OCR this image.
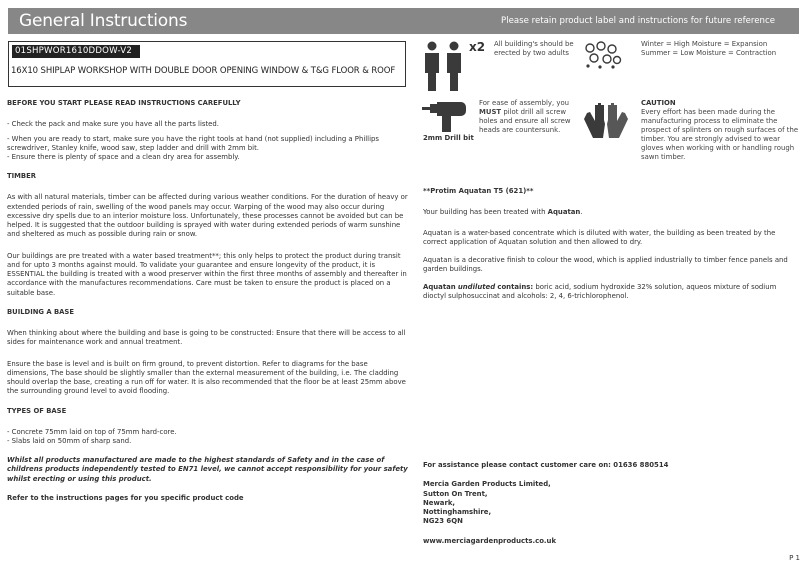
General Instructions	Please retain product label and instructions for future reference
01SHPWOR1610DDOW-V2
16X10 SHIPLAP WORKSHOP WITH DOUBLE DOOR OPENING WINDOW & T&G FLOOR & ROOF
BEFORE YOU START PLEASE READ INSTRUCTIONS CAREFULLY

- Check the pack and make sure you have all the parts listed.

- When you are ready to start, make sure you have the right tools at hand (not supplied) including a Phillips screwdriver, Stanley knife, wood saw, step ladder and drill with 2mm bit.

- Ensure there is plenty of space and a clean dry area for assembly.

TIMBER

As with all natural materials, timber can be affected during various weather conditions. For the duration of heavy or extended periods of rain, swelling of the wood panels may occur. Warping of the wood may also occur during excessive dry spells due to an interior moisture loss. Unfortunately, these processes cannot be avoided but can be helped. It is suggested that the outdoor building is sprayed with water during extended periods of warm sunshine and sheltered as much as possible during rain or snow.

Our buildings are pre treated with a water based treatment**; this only helps to protect the product during transit and for upto 3 months against mould. To validate your guarantee and ensure longevity of the product, it is ESSENTIAL the building is treated with a wood preserver within the first three months of assembly and thereafter in accordance with the manufactures recommendations. Care must be taken to ensure the product is placed on a suitable base.

BUILDING A BASE

When thinking about where the building and base is going to be constructed: Ensure that there will be access to all sides for maintenance work and annual treatment.

Ensure the base is level and is built on firm ground, to prevent distortion. Refer to diagrams for the base dimensions, The base should be slightly smaller than the external measurement of the building, i.e. The cladding should overlap the base, creating a run off for water. It is also recommended that the floor be at least 25mm above the surrounding ground level to avoid flooding.

TYPES OF BASE

- Concrete 75mm laid on top of 75mm hard-core.

- Slabs laid on 50mm of sharp sand.

Whilst all products manufactured are made to the highest standards of Safety and in the case of childrens products independently tested to EN71 level, we cannot accept responsibility for your safety whilst erecting or using this product.

Refer to the instructions pages for you specific product code

x2 All building's should be erected by two adults
Winter = High Moisture = Expansion
Summer = Low Moisture = Contraction
2mm Drill bit
For ease of assembly, you MUST pilot drill all screw holes and ensure all screw heads are countersunk.
CAUTION
Every effort has been made during the manufacturing process to eliminate the prospect of splinters on rough surfaces of the timber. You are strongly advised to wear gloves when working with or handling rough sawn timber.

**Protim Aquatan T5 (621)**

Your building has been treated with Aquatan.

Aquatan is a water-based concentrate which is diluted with water, the building as been treated by the correct application of Aquatan solution and then allowed to dry.

Aquatan is a decorative finish to colour the wood, which is applied industrially to timber fence panels and garden buildings.

Aquatan undiluted contains: boric acid, sodium hydroxide 32% solution, aqueos mixture of sodium dioctyl sulphosuccinat and alcohols: 2, 4, 6-trichlorophenol.

For assistance please contact customer care on: 01636 880514

Mercia Garden Products Limited,

Sutton On Trent,

Newark,

Nottinghamshire,

NG23 6QN

www.merciagardenproducts.co.uk

P 1
